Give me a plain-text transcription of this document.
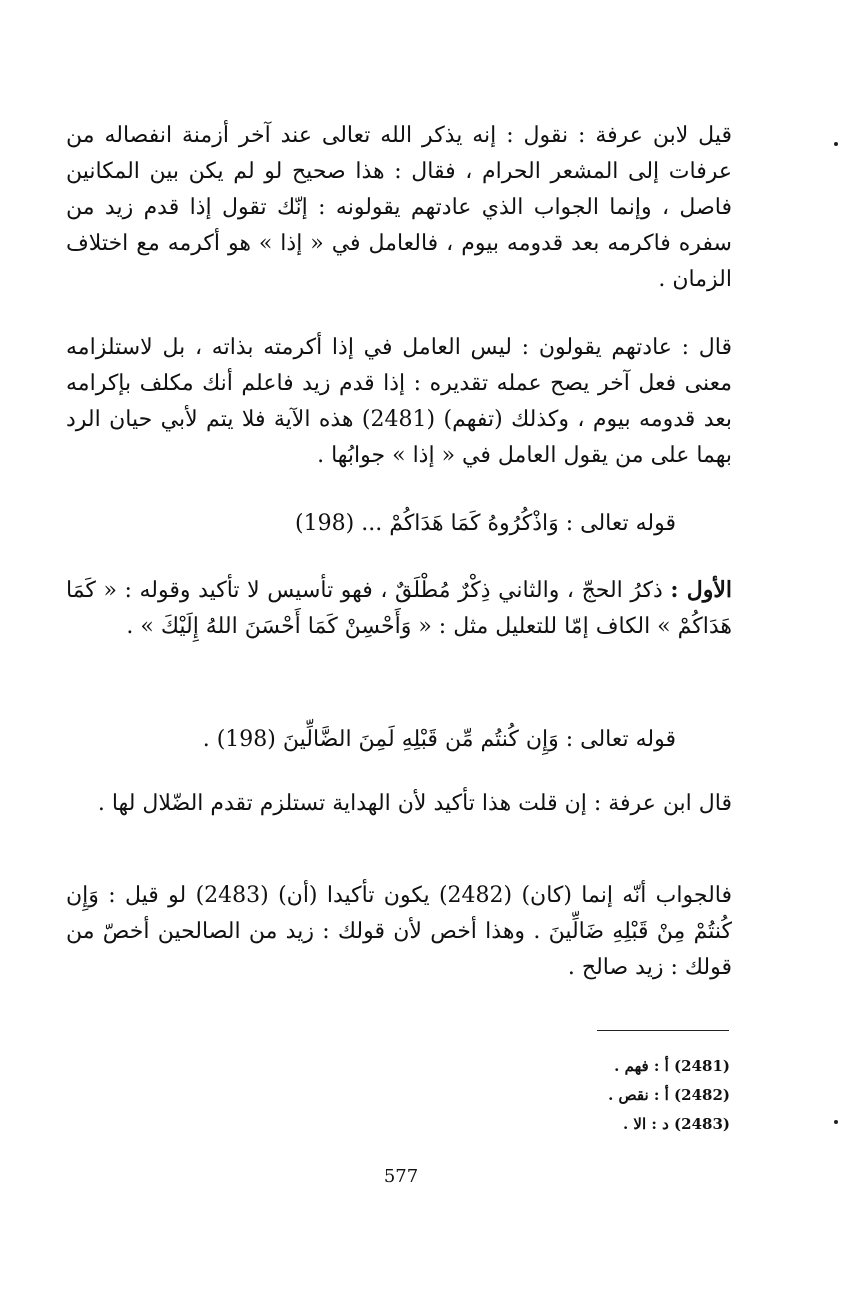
قيل لابن عرفة : نقول : إنه يذكر الله تعالى عند آخر أزمنة انفصاله من عرفات إلى المشعر الحرام ، فقال : هذا صحيح لو لم يكن بين المكانين فاصل ، وإنما الجواب الذي عادتهم يقولونه : إنّك تقول إذا قدم زيد من سفره فاكرمه بعد قدومه بيوم ، فالعامل في « إذا » هو أكرمه مع اختلاف الزمان .

قال : عادتهم يقولون : ليس العامل في إذا أكرمته بذاته ، بل لاستلزامه معنى فعل آخر يصح عمله تقديره : إذا قدم زيد فاعلم أنك مكلف بإكرامه بعد قدومه بيوم ، وكذلك (تفهم) (2481) هذه الآية فلا يتم لأبي حيان الرد بهما على من يقول العامل في « إذا » جوابُها .

قوله تعالى : وَاذْكُرُوهُ كَمَا هَدَاكُمْ ... (198)

الأول : ذكرُ الحجّ ، والثاني ذِكْرٌ مُطْلَقٌ ، فهو تأسيس لا تأكيد وقوله : « كَمَا هَدَاكُمْ » الكاف إمّا للتعليل مثل : « وَأَحْسِنْ كَمَا أَحْسَنَ اللهُ إِلَيْكَ » .

قوله تعالى : وَإِن كُنتُم مِّن قَبْلِهِ لَمِنَ الضَّالِّينَ (198) .

قال ابن عرفة : إن قلت هذا تأكيد لأن الهداية تستلزم تقدم الضّلال لها .

فالجواب أنّه إنما (كان) (2482) يكون تأكيدا (أن) (2483) لو قيل : وَإِن كُنتُمْ مِنْ قَبْلِهِ ضَالِّينَ . وهذا أخص لأن قولك : زيد من الصالحين أخصّ من قولك : زيد صالح .

(2481) أ : فهم .

(2482) أ : نقص .

(2483) د : الا .

577
